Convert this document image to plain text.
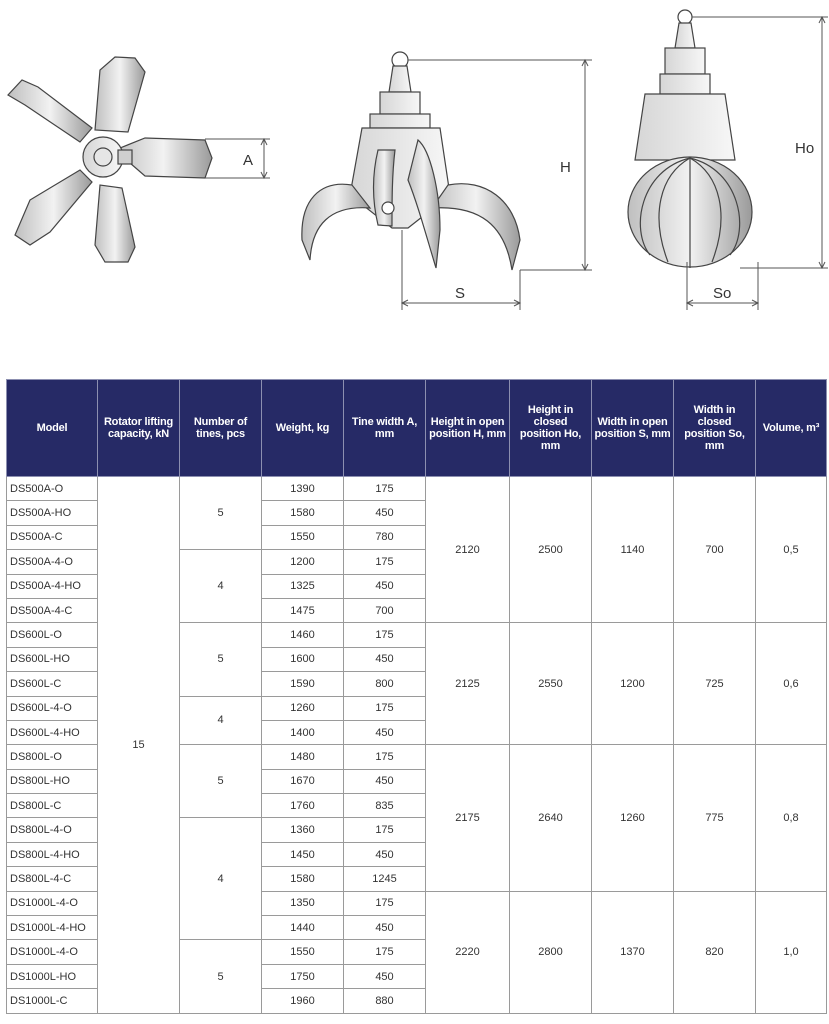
A	H
S
Ho
So
Model	Rotator lifting capacity, kN	Number of tines, pcs	Weight, kg	Tine width A, mm	Height in open position H, mm	Height in closed position Ho, mm	Width in open position S, mm	Width in closed position So, mm	Volume, m³
DS500A-O	15	5	1390	175	2120	2500	1140	700	0,5
DS500A-HO			1580	450					
DS500A-C			1550	780					
DS500A-4-O		4	1200	175					
DS500A-4-HO			1325	450					
DS500A-4-C			1475	700					
DS600L-O		5	1460	175	2125	2550	1200	725	0,6
DS600L-HO			1600	450					
DS600L-C			1590	800					
DS600L-4-O		4	1260	175					
DS600L-4-HO			1400	450					
DS800L-O		5	1480	175	2175	2640	1260	775	0,8
DS800L-HO			1670	450					
DS800L-C			1760	835					
DS800L-4-O		4	1360	175					
DS800L-4-HO			1450	450					
DS800L-4-C			1580	1245					
DS1000L-4-O			1350	175	2220	2800	1370	820	1,0
DS1000L-4-HO			1440	450					
DS1000L-4-O		5	1550	175					
DS1000L-HO			1750	450					
DS1000L-C			1960	880					
